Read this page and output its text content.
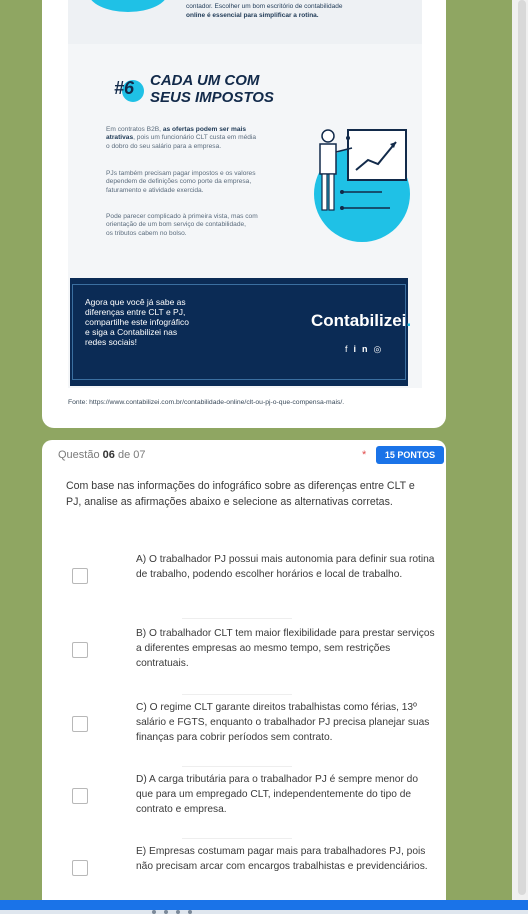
contador. Escolher um bom escritório de contabilidade
online é essencial para simplificar a rotina.
#6	CADA UM COM
SEUS IMPOSTOS
Em contratos B2B, as ofertas podem ser mais
atrativas, pois um funcionário CLT custa em média
o dobro do seu salário para a empresa.
PJs também precisam pagar impostos e os valores
dependem de definições como porte da empresa,
faturamento e atividade exercida.
Pode parecer complicado à primeira vista, mas com
orientação de um bom serviço de contabilidade,
os tributos cabem no bolso.
Agora que você já sabe as
diferenças entre CLT e PJ,
compartilhe este infográfico
e siga a Contabilizei nas
redes sociais!
Contabilizei.
fin◎
Fonte: https://www.contabilizei.com.br/contabilidade-online/clt-ou-pj-o-que-compensa-mais/.
Questão 06 de 07	*	15 PONTOS
Com base nas informações do infográfico sobre as diferenças entre CLT e PJ, analise as afirmações abaixo e selecione as alternativas corretas.
A) O trabalhador PJ possui mais autonomia para definir sua rotina de trabalho, podendo escolher horários e local de trabalho.
B) O trabalhador CLT tem maior flexibilidade para prestar serviços a diferentes empresas ao mesmo tempo, sem restrições contratuais.
C) O regime CLT garante direitos trabalhistas como férias, 13º salário e FGTS, enquanto o trabalhador PJ precisa planejar suas finanças para cobrir períodos sem contrato.
D) A carga tributária para o trabalhador PJ é sempre menor do que para um empregado CLT, independentemente do tipo de contrato e empresa.
E) Empresas costumam pagar mais para trabalhadores PJ, pois não precisam arcar com encargos trabalhistas e previdenciários.
